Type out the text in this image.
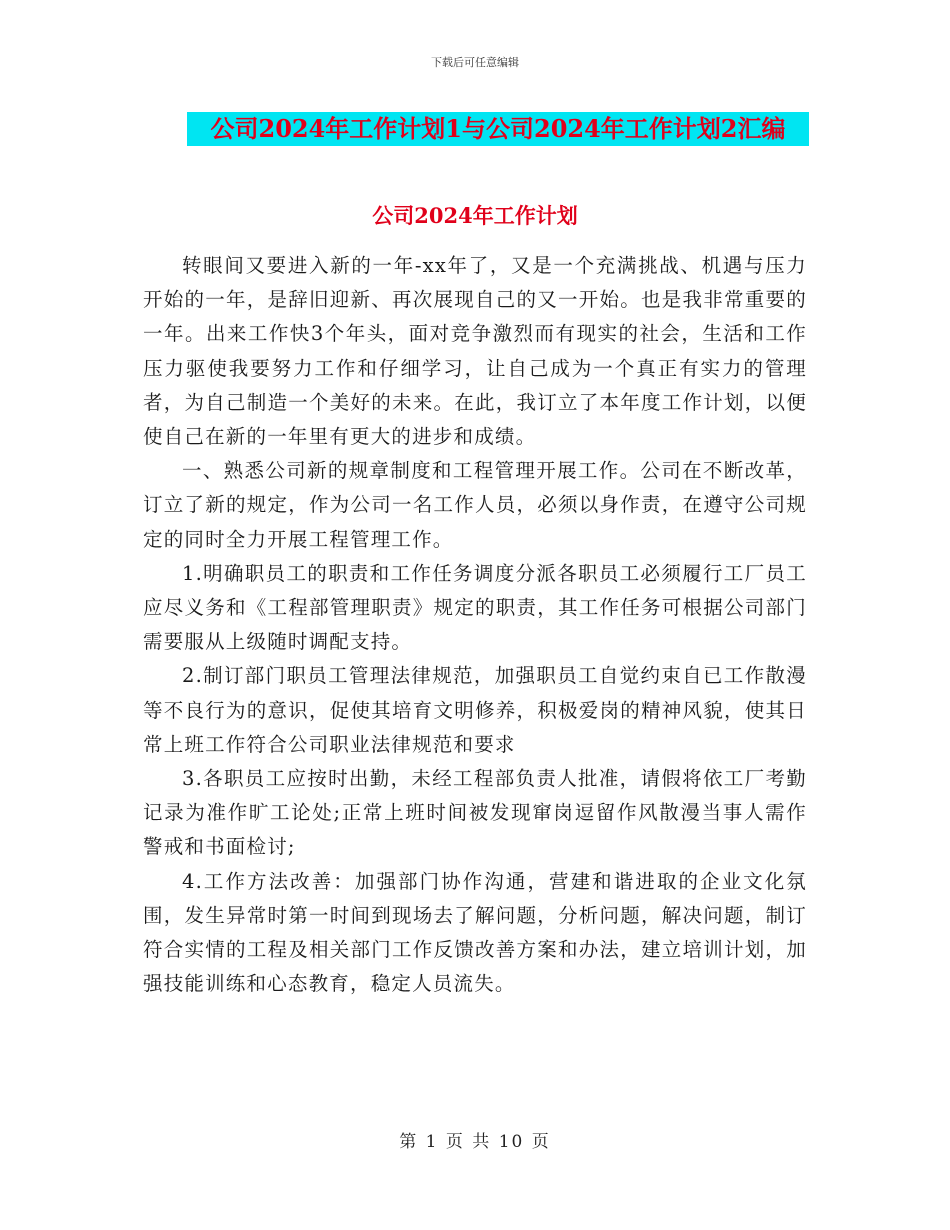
下载后可任意编辑
公司2024年工作计划1与公司2024年工作计划2汇编
公司2024年工作计划

转眼间又要进入新的一年-xx年了，又是一个充满挑战、机遇与压力开始的一年，是辞旧迎新、再次展现自己的又一开始。也是我非常重要的一年。出来工作快3个年头，面对竞争激烈而有现实的社会，生活和工作压力驱使我要努力工作和仔细学习，让自己成为一个真正有实力的管理者，为自己制造一个美好的未来。在此，我订立了本年度工作计划，以便使自己在新的一年里有更大的进步和成绩。

一、熟悉公司新的规章制度和工程管理开展工作。公司在不断改革，订立了新的规定，作为公司一名工作人员，必须以身作责，在遵守公司规定的同时全力开展工程管理工作。

1.明确职员工的职责和工作任务调度分派各职员工必须履行工厂员工应尽义务和《工程部管理职责》规定的职责，其工作任务可根据公司部门需要服从上级随时调配支持。

2.制订部门职员工管理法律规范，加强职员工自觉约束自已工作散漫等不良行为的意识，促使其培育文明修养，积极爱岗的精神风貌，使其日常上班工作符合公司职业法律规范和要求

3.各职员工应按时出勤，未经工程部负责人批准，请假将依工厂考勤记录为准作旷工论处;正常上班时间被发现窜岗逗留作风散漫当事人需作警戒和书面检讨;

4.工作方法改善：加强部门协作沟通，营建和谐进取的企业文化氛围，发生异常时第一时间到现场去了解问题，分析问题，解决问题，制订符合实情的工程及相关部门工作反馈改善方案和办法，建立培训计划，加强技能训练和心态教育，稳定人员流失。

第 1 页 共 10 页
